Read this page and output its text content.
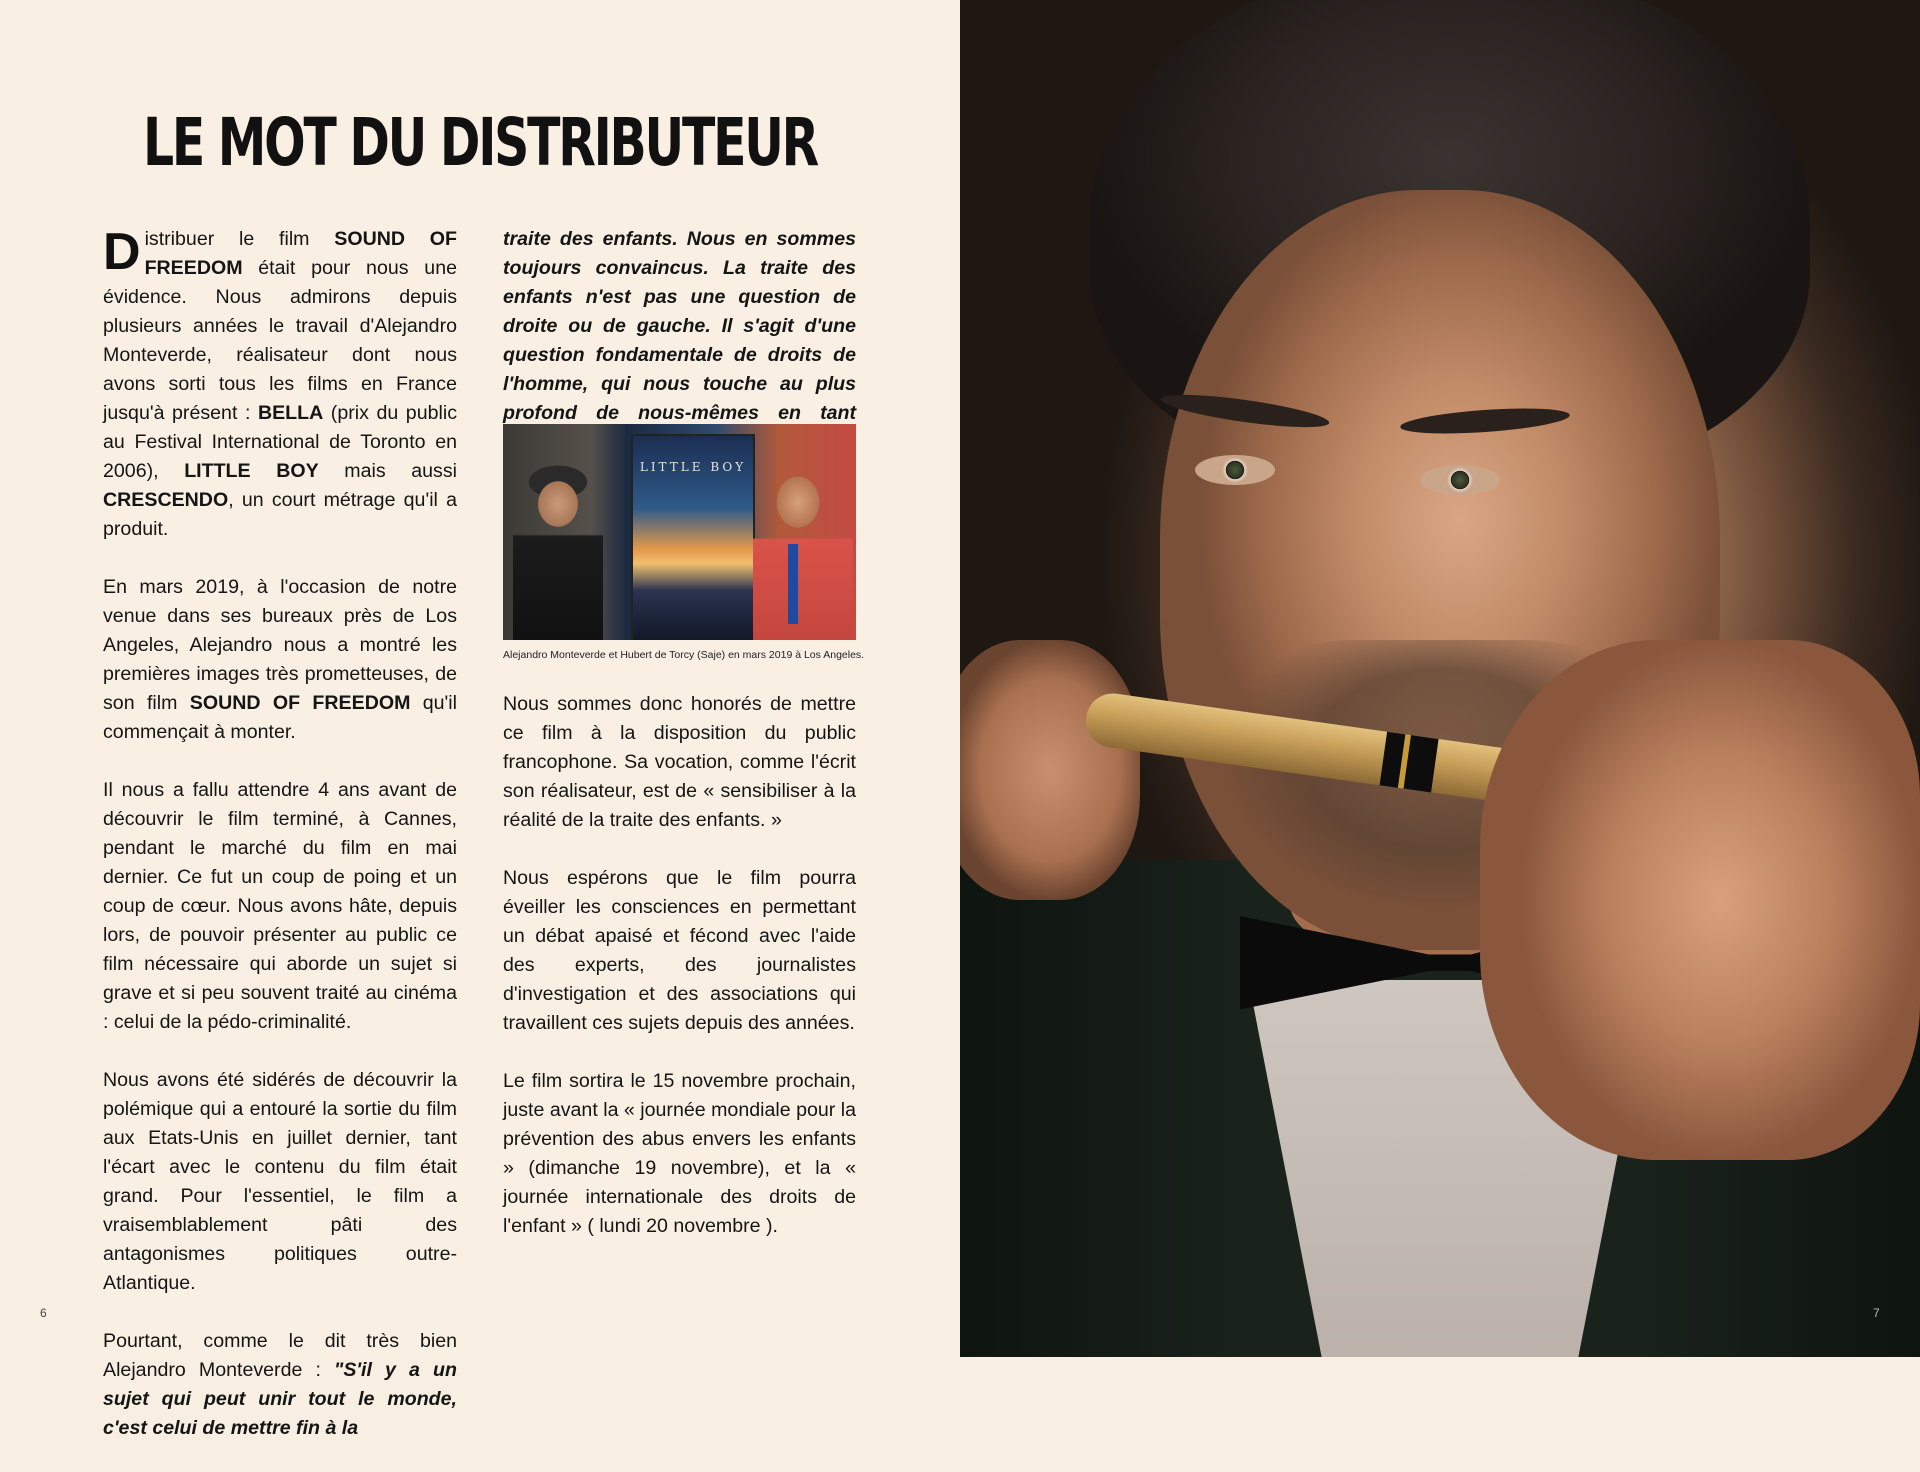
LE MOT DU DISTRIBUTEUR

Distribuer le film SOUND OF FREEDOM était pour nous une évidence. Nous admirons depuis plusieurs années le travail d'Alejandro Monteverde, réalisateur dont nous avons sorti tous les films en France jusqu'à présent : BELLA (prix du public au Festival International de Toronto en 2006), LITTLE BOY mais aussi CRESCENDO, un court métrage qu'il a produit.

En mars 2019, à l'occasion de notre venue dans ses bureaux près de Los Angeles, Alejandro nous a montré les premières images très prometteuses, de son film SOUND OF FREEDOM qu'il commençait à monter.

Il nous a fallu attendre 4 ans avant de découvrir le film terminé, à Cannes, pendant le marché du film en mai dernier. Ce fut un coup de poing et un coup de cœur. Nous avons hâte, depuis lors, de pouvoir présenter au public ce film nécessaire qui aborde un sujet si grave et si peu souvent traité au cinéma : celui de la pédo-criminalité.

Nous avons été sidérés de découvrir la polémique qui a entouré la sortie du film aux Etats-Unis en juillet dernier, tant l'écart avec le contenu du film était grand. Pour l'essentiel, le film a vraisemblablement pâti des antagonismes politiques outre-Atlantique.

Pourtant, comme le dit très bien Alejandro Monteverde : "S'il y a un sujet qui peut unir tout le monde, c'est celui de mettre fin à la

traite des enfants. Nous en sommes toujours convaincus. La traite des enfants n'est pas une question de droite ou de gauche. Il s'agit d'une question fondamentale de droits de l'homme, qui nous touche au plus profond de nous-mêmes en tant

LITTLE BOY
Alejandro Monteverde et Hubert de Torcy (Saje) en mars 2019 à Los Angeles.

Nous sommes donc honorés de mettre ce film à la disposition du public francophone. Sa vocation, comme l'écrit son réalisateur, est de « sensibiliser à la réalité de la traite des enfants. »

Nous espérons que le film pourra éveiller les consciences en permettant un débat apaisé et fécond avec l'aide des experts, des journalistes d'investigation et des associations qui travaillent ces sujets depuis des années.

Le film sortira le 15 novembre prochain, juste avant la « journée mondiale pour la prévention des abus envers les enfants » (dimanche 19 novembre), et la « journée internationale des droits de l'enfant » ( lundi 20 novembre ).

6	7
